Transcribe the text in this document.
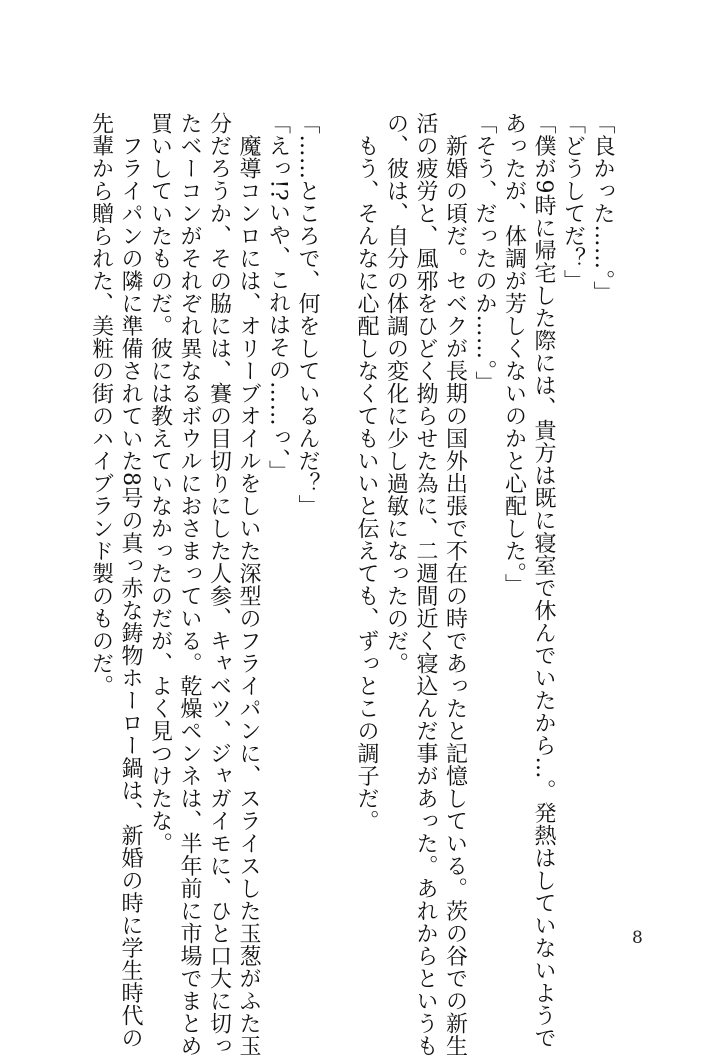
「良かった……。」
「どうしてだ？」
「僕が9時に帰宅した際には、貴方は既に寝室で休んでいたから…。発熱はしていないようで
あったが、体調が芳しくないのかと心配した。」
「そう、だったのか……。」
　新婚の頃だ。セベクが長期の国外出張で不在の時であったと記憶している。茨の谷での新生
活の疲労と、風邪をひどく拗らせた為に、二週間近く寝込んだ事があった。あれからというも
の、彼は、自分の体調の変化に少し過敏になったのだ。
　もう、そんなに心配しなくてもいいと伝えても、ずっとこの調子だ。
「……ところで、何をしているんだ？」
「えっ!?いや、これはその……っ、」
　魔導コンロには、オリーブオイルをしいた深型のフライパンに、スライスした玉葱がふた玉
分だろうか、その脇には、賽の目切りにした人参、キャベツ、ジャガイモに、ひと口大に切っ
たベーコンがそれぞれ異なるボウルにおさまっている。乾燥ペンネは、半年前に市場でまとめ
買いしていたものだ。彼には教えていなかったのだが、よく見つけたな。
　フライパンの隣に準備されていた8号の真っ赤な鋳物ホーロー鍋は、新婚の時に学生時代の
先輩から贈られた、美粧の街のハイブランド製のものだ。
8
